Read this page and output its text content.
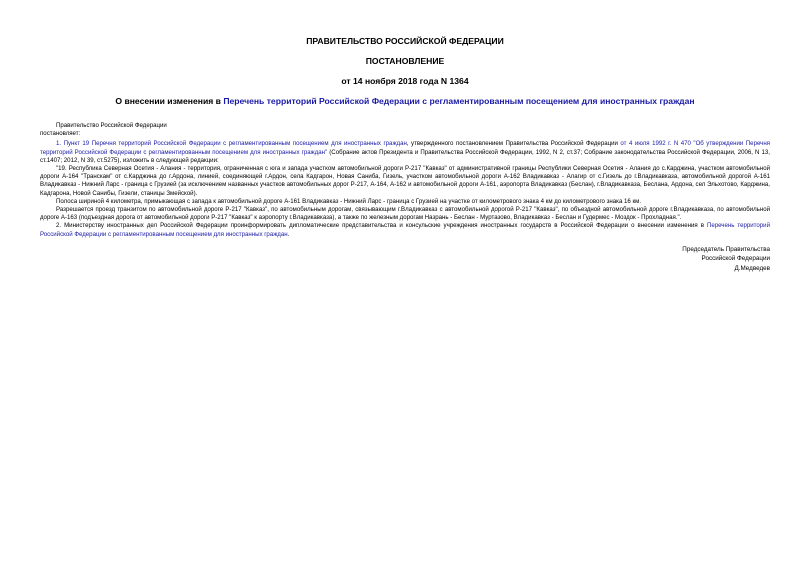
ПРАВИТЕЛЬСТВО РОССИЙСКОЙ ФЕДЕРАЦИИ
ПОСТАНОВЛЕНИЕ
от 14 ноября 2018 года N 1364
О внесении изменения в Перечень территорий Российской Федерации с регламентированным посещением для иностранных граждан

Правительство Российской Федерации

постановляет:

1. Пункт 19 Перечня территорий Российской Федерации с регламентированным посещением для иностранных граждан, утвержденного постановлением Правительства Российской Федерации от 4 июля 1992 г. N 470 "Об утверждении Перечня территорий Российской Федерации с регламентированным посещением для иностранных граждан" (Собрание актов Президента и Правительства Российской Федерации, 1992, N 2, ст.37; Собрание законодательства Российской Федерации, 2006, N 13, ст.1407; 2012, N 39, ст.5275), изложить в следующей редакции:

"19. Республика Северная Осетия - Алания - территория, ограниченная с юга и запада участком автомобильной дороги Р-217 "Кавказ" от административной границы Республики Северная Осетия - Алания до с.Карджина, участком автомобильной дороги А-164 "Транскам" от с.Карджина до г.Ардона, линией, соединяющей г.Ардон, села Кадгарон, Новая Саниба, Гизель, участком автомобильной дороги А-162 Владикавказ - Алагир от с.Гизель до г.Владикавказа, автомобильной дорогой А-161 Владикавказ - Нижний Ларс - граница с Грузией (за исключением названных участков автомобильных дорог Р-217, А-164, А-162 и автомобильной дороги А-161, аэропорта Владикавказ (Беслан), г.Владикавказа, Беслана, Ардона, сел Эльхотово, Карджина, Кадгарона, Новой Санибы, Гизели, станицы Змейской).

Полоса шириной 4 километра, примыкающая с запада к автомобильной дороге А-161 Владикавказ - Нижний Ларс - граница с Грузией на участке от километрового знака 4 км до километрового знака 16 км.

Разрешается проезд транзитом по автомобильной дороге Р-217 "Кавказ", по автомобильным дорогам, связывающим г.Владикавказ с автомобильной дорогой Р-217 "Кавказ", по объездной автомобильной дороге г.Владикавказа, по автомобильной дороге А-163 (подъездная дорога от автомобильной дороги Р-217 "Кавказ" к аэропорту г.Владикавказа), а также по железным дорогам Назрань - Беслан - Муртазово, Владикавказ - Беслан и Гудермес - Моздок - Прохладная.".

2. Министерству иностранных дел Российской Федерации проинформировать дипломатические представительства и консульские учреждения иностранных государств в Российской Федерации о внесении изменения в Перечень территорий Российской Федерации с регламентированным посещением для иностранных граждан.

Председатель Правительства
Российской Федерации
Д.Медведев
